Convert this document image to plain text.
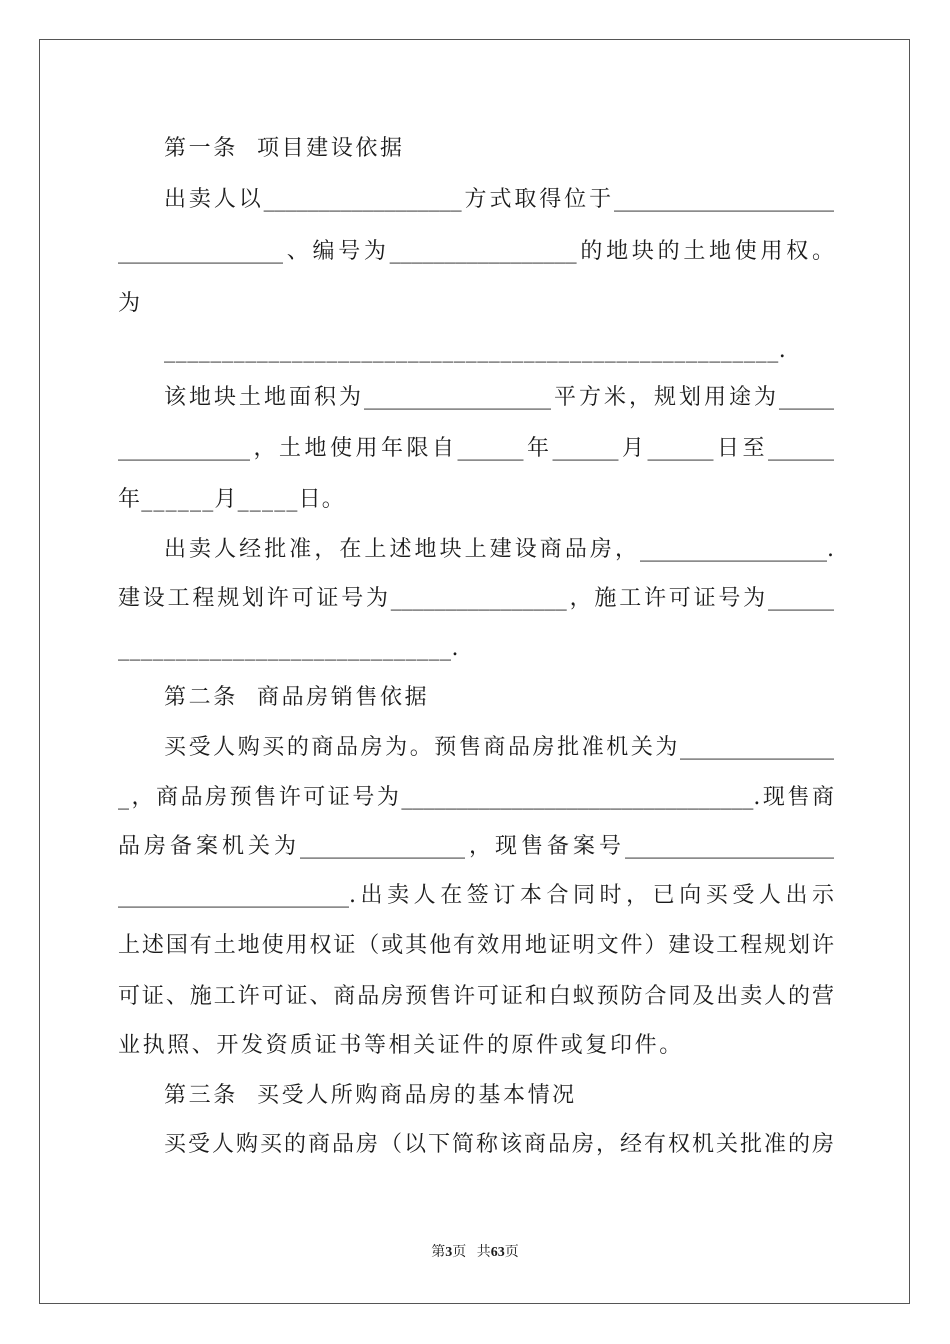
第一条  项目建设依据
出卖人以__________________方式取得位于____________________
_______________、编号为_________________的地块的土地使用权。
为
_____________________________________________________.
该地块土地面积为_________________平方米，规划用途为_____
____________，土地使用年限自______年______月______日至______
年______月_____日。
出卖人经批准，在上述地块上建设商品房，_________________.
建设工程规划许可证号为________________，施工许可证号为______
_____________________________.
第二条  商品房销售依据
买受人购买的商品房为。预售商品房批准机关为______________
_，商品房预售许可证号为________________________________.现售商
品房备案机关为_______________，现售备案号___________________
_____________________.出卖人在签订本合同时，已向买受人出示
上述国有土地使用权证（或其他有效用地证明文件）建设工程规划许
可证、施工许可证、商品房预售许可证和白蚁预防合同及出卖人的营
业执照、开发资质证书等相关证件的原件或复印件。
第三条  买受人所购商品房的基本情况
买受人购买的商品房（以下简称该商品房，经有权机关批准的房
第3页 共63页
